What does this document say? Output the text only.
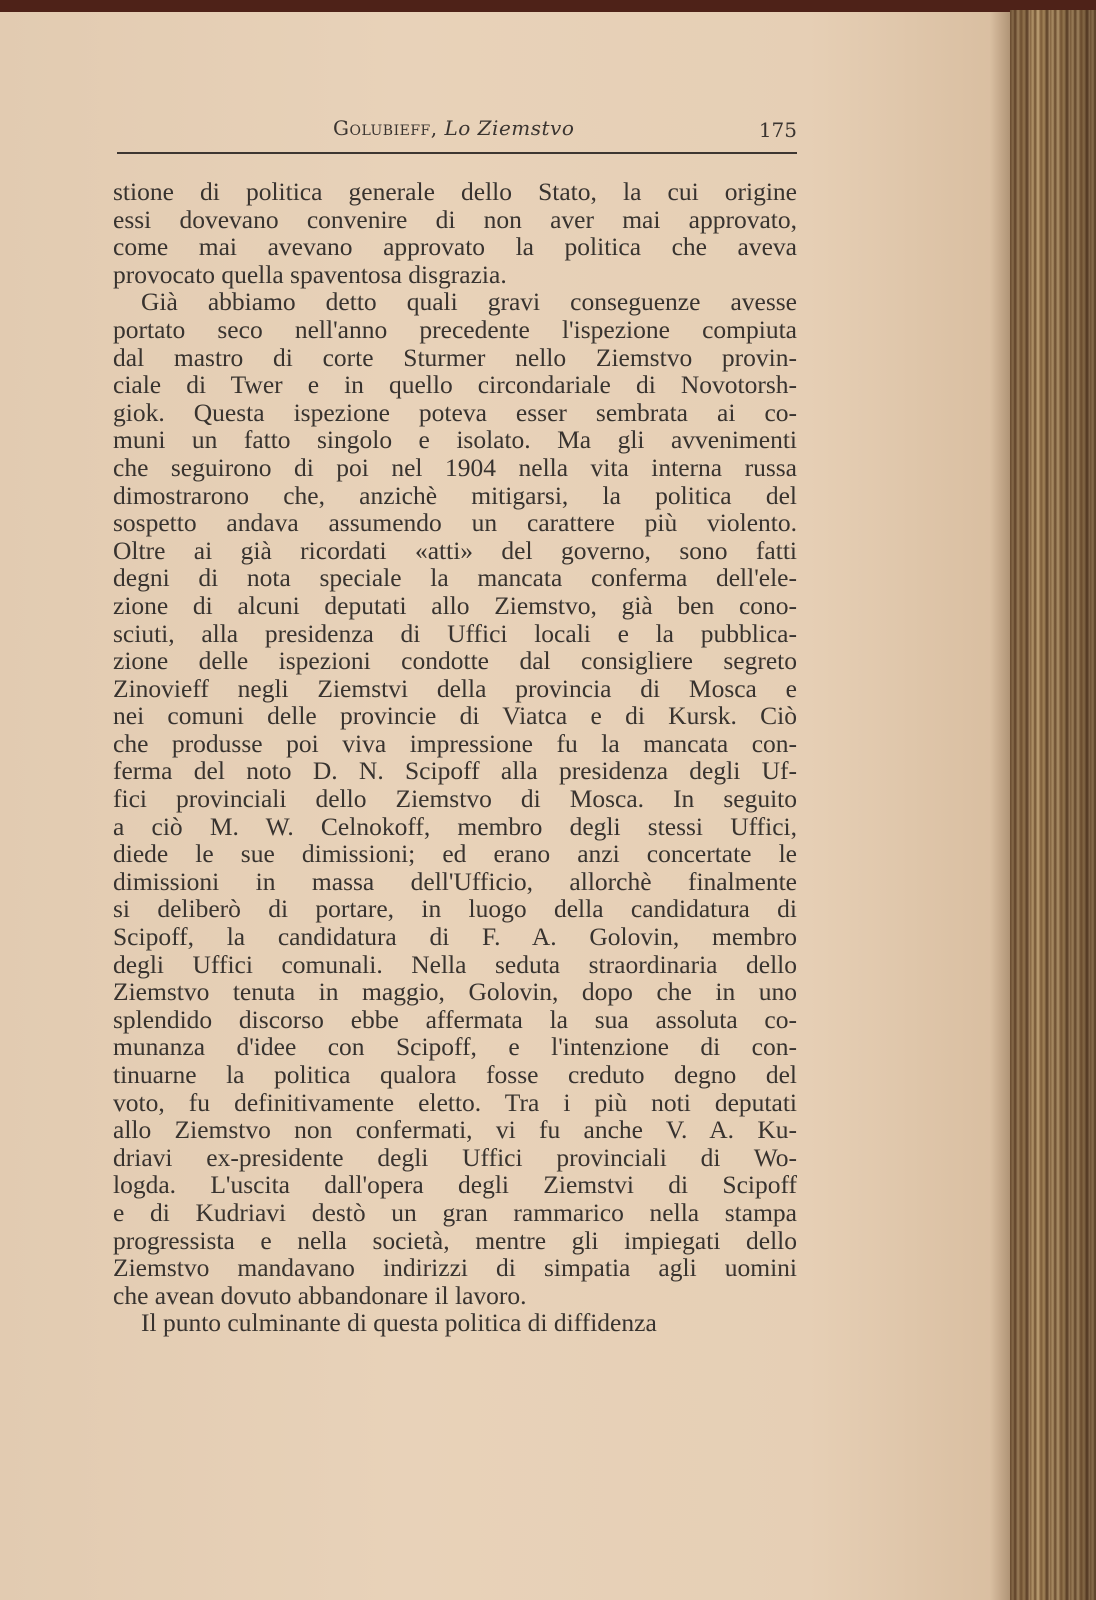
Golubieff, Lo Ziemstvo	175
stione di politica generale dello Stato, la cui origine
essi dovevano convenire di non aver mai approvato,
come mai avevano approvato la politica che aveva
provocato quella spaventosa disgrazia.
Già abbiamo detto quali gravi conseguenze avesse
portato seco nell'anno precedente l'ispezione compiuta
dal mastro di corte Sturmer nello Ziemstvo provin-
ciale di Twer e in quello circondariale di Novotorsh-
giok. Questa ispezione poteva esser sembrata ai co-
muni un fatto singolo e isolato. Ma gli avvenimenti
che seguirono di poi nel 1904 nella vita interna russa
dimostrarono che, anzichè mitigarsi, la politica del
sospetto andava assumendo un carattere più violento.
Oltre ai già ricordati «atti» del governo, sono fatti
degni di nota speciale la mancata conferma dell'ele-
zione di alcuni deputati allo Ziemstvo, già ben cono-
sciuti, alla presidenza di Uffici locali e la pubblica-
zione delle ispezioni condotte dal consigliere segreto
Zinovieff negli Ziemstvi della provincia di Mosca e
nei comuni delle provincie di Viatca e di Kursk. Ciò
che produsse poi viva impressione fu la mancata con-
ferma del noto D. N. Scipoff alla presidenza degli Uf-
fici provinciali dello Ziemstvo di Mosca. In seguito
a ciò M. W. Celnokoff, membro degli stessi Uffici,
diede le sue dimissioni; ed erano anzi concertate le
dimissioni in massa dell'Ufficio, allorchè finalmente
si deliberò di portare, in luogo della candidatura di
Scipoff, la candidatura di F. A. Golovin, membro
degli Uffici comunali. Nella seduta straordinaria dello
Ziemstvo tenuta in maggio, Golovin, dopo che in uno
splendido discorso ebbe affermata la sua assoluta co-
munanza d'idee con Scipoff, e l'intenzione di con-
tinuarne la politica qualora fosse creduto degno del
voto, fu definitivamente eletto. Tra i più noti deputati
allo Ziemstvo non confermati, vi fu anche V. A. Ku-
driavi ex-presidente degli Uffici provinciali di Wo-
logda. L'uscita dall'opera degli Ziemstvi di Scipoff
e di Kudriavi destò un gran rammarico nella stampa
progressista e nella società, mentre gli impiegati dello
Ziemstvo mandavano indirizzi di simpatia agli uomini
che avean dovuto abbandonare il lavoro.
Il punto culminante di questa politica di diffidenza
